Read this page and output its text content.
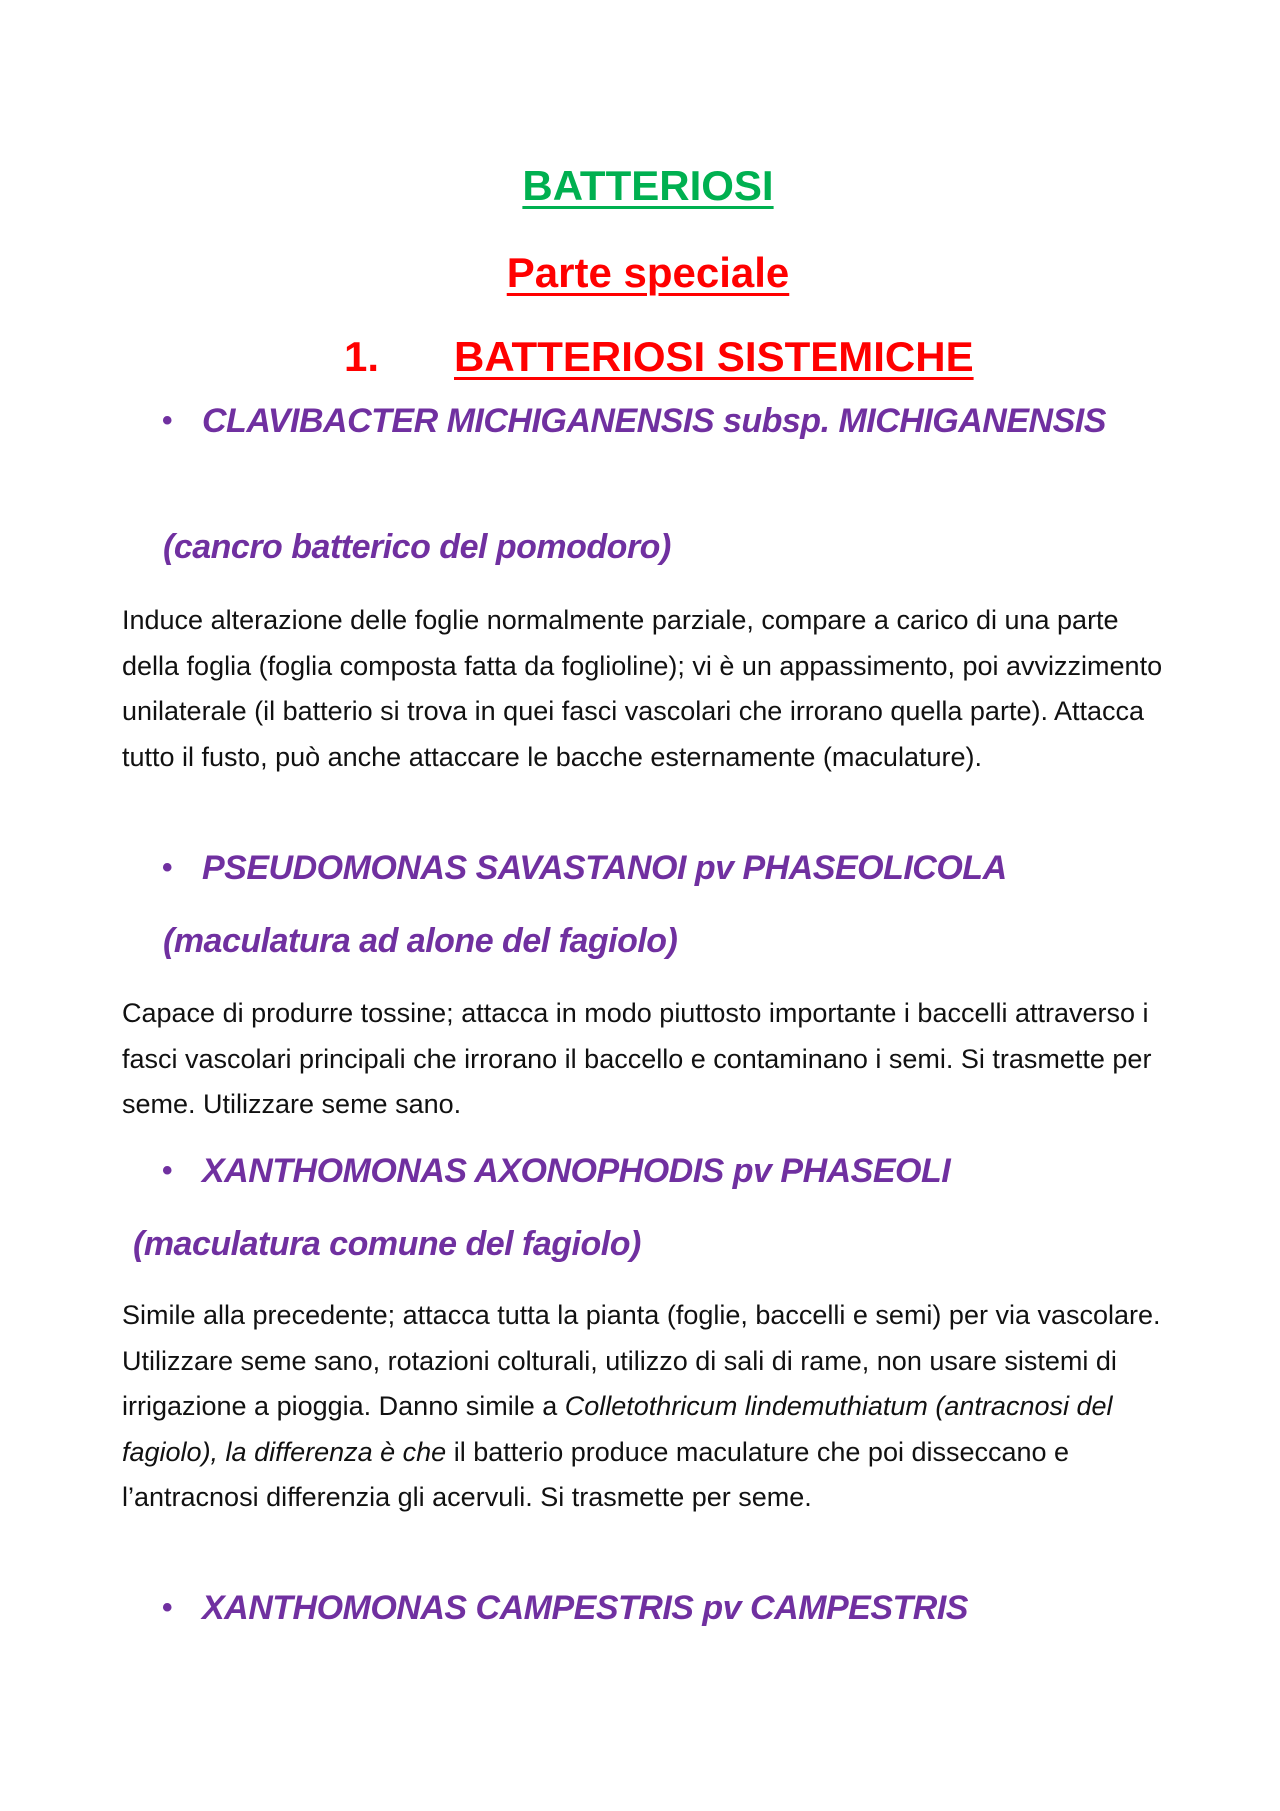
BATTERIOSI
Parte speciale
1. BATTERIOSI SISTEMICHE
• CLAVIBACTER MICHIGANENSIS subsp. MICHIGANENSIS
(cancro batterico del pomodoro)

Induce alterazione delle foglie normalmente parziale, compare a carico di una parte della foglia (foglia composta fatta da foglioline); vi è un appassimento, poi avvizzimento unilaterale (il batterio si trova in quei fasci vascolari che irrorano quella parte). Attacca tutto il fusto, può anche attaccare le bacche esternamente (maculature).

• PSEUDOMONAS SAVASTANOI pv PHASEOLICOLA
(maculatura ad alone del fagiolo)

Capace di produrre tossine; attacca in modo piuttosto importante i baccelli attraverso i fasci vascolari principali che irrorano il baccello e contaminano i semi. Si trasmette per seme. Utilizzare seme sano.

• XANTHOMONAS AXONOPHODIS pv PHASEOLI
(maculatura comune del fagiolo)

Simile alla precedente; attacca tutta la pianta (foglie, baccelli e semi) per via vascolare. Utilizzare seme sano, rotazioni colturali, utilizzo di sali di rame, non usare sistemi di irrigazione a pioggia. Danno simile a Colletothricum lindemuthiatum (antracnosi del fagiolo), la differenza è che il batterio produce maculature che poi disseccano e l’antracnosi differenzia gli acervuli. Si trasmette per seme.

• XANTHOMONAS CAMPESTRIS pv CAMPESTRIS
